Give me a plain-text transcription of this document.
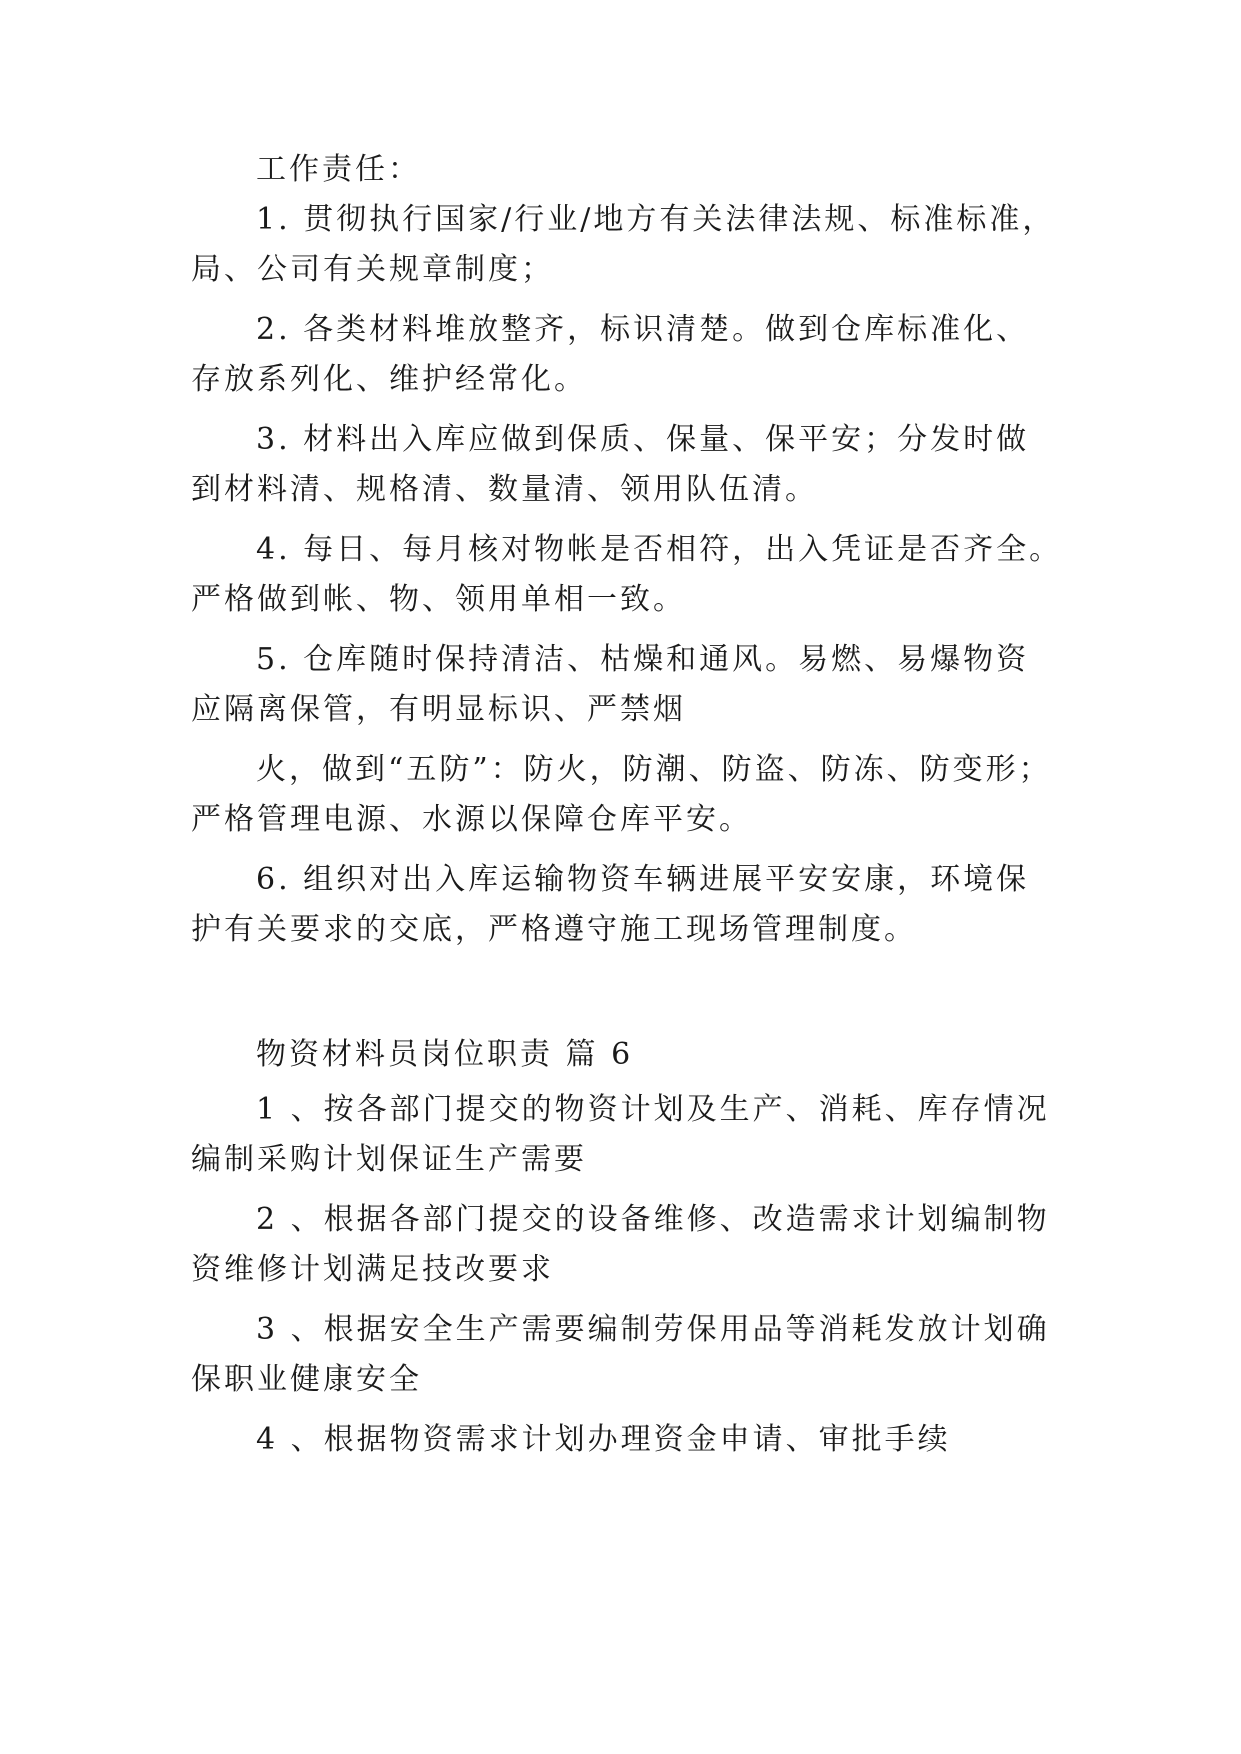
工作责任：
1. 贯彻执行国家/行业/地方有关法律法规、标准标准，
局、公司有关规章制度；
2. 各类材料堆放整齐，标识清楚。做到仓库标准化、
存放系列化、维护经常化。
3. 材料出入库应做到保质、保量、保平安；分发时做
到材料清、规格清、数量清、领用队伍清。
4. 每日、每月核对物帐是否相符，出入凭证是否齐全。
严格做到帐、物、领用单相一致。
5. 仓库随时保持清洁、枯燥和通风。易燃、易爆物资
应隔离保管，有明显标识、严禁烟
火，做到“五防”：防火，防潮、防盗、防冻、防变形；
严格管理电源、水源以保障仓库平安。
6. 组织对出入库运输物资车辆进展平安安康，环境保
护有关要求的交底，严格遵守施工现场管理制度。
物资材料员岗位职责 篇 6
1 、按各部门提交的物资计划及生产、消耗、库存情况
编制采购计划保证生产需要
2 、根据各部门提交的设备维修、改造需求计划编制物
资维修计划满足技改要求
3 、根据安全生产需要编制劳保用品等消耗发放计划确
保职业健康安全
4 、根据物资需求计划办理资金申请、审批手续
